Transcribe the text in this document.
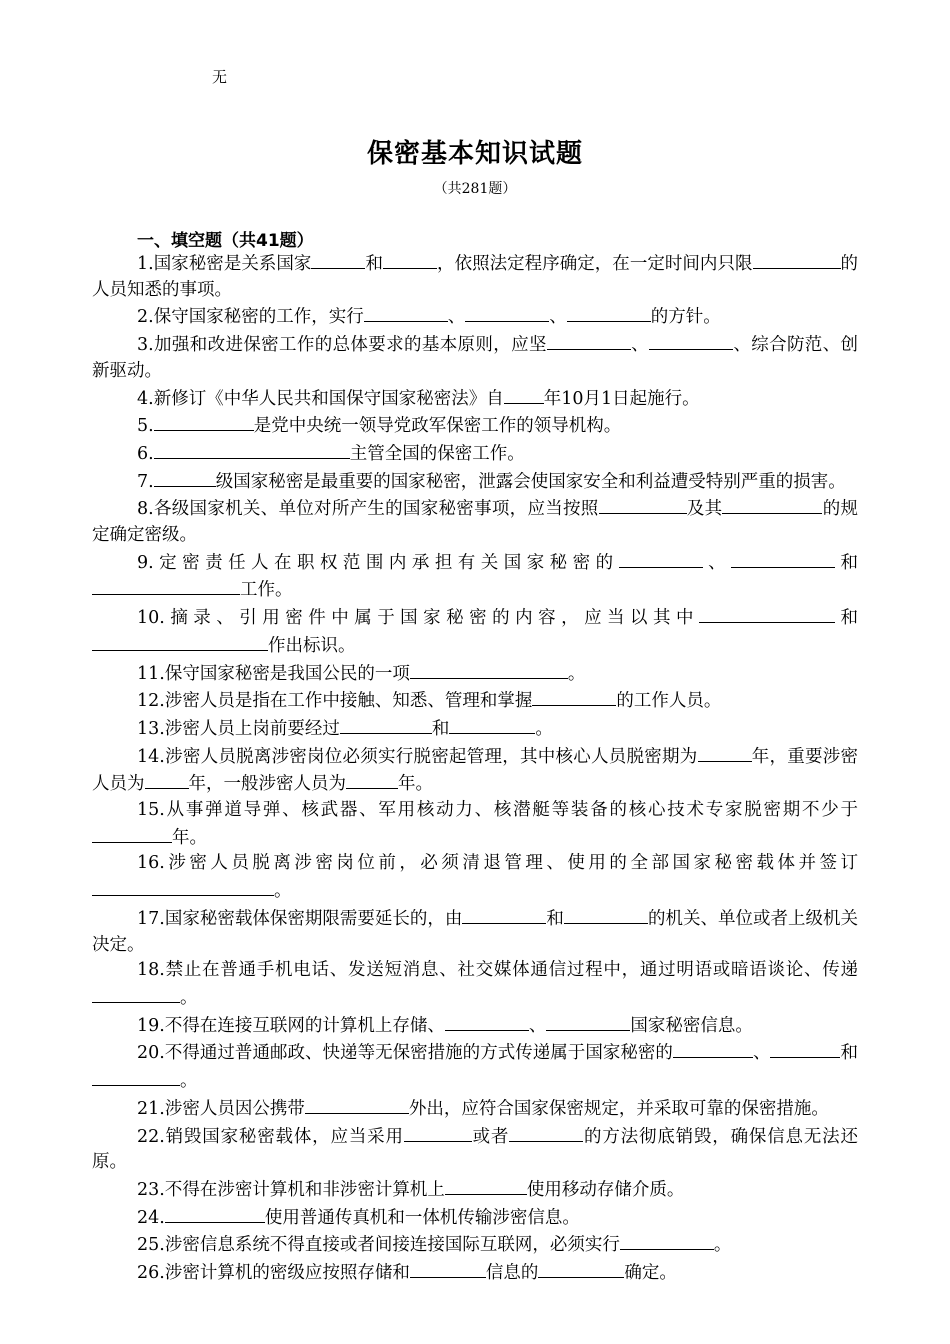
无
保密基本知识试题
（共281题）
一、填空题（共41题）
1.国家秘密是关系国家	和	，依照法定程序确定，在一定时间内只限	的人员知悉的事项。
2.保守国家秘密的工作，实行	、	、	的方针。
3.加强和改进保密工作的总体要求的基本原则，应坚	、	、综合防范、创新驱动。
4.新修订《中华人民共和国保守国家秘密法》自 年10月1日起施行。
5.	是党中央统一领导党政军保密工作的领导机构。
6.	主管全国的保密工作。
7.	级国家秘密是最重要的国家秘密，泄露会使国家安全和利益遭受特别严重的损害。
8.各级国家机关、单位对所产生的国家秘密事项，应当按照	及其	的规定确定密级。
9.定密责任人在职权范围内承担有关国家秘密的	、	和工作。
10.摘录、引用密件中属于国家秘密的内容，应当以其中	和作出标识。
11.保守国家秘密是我国公民的一项	。
12.涉密人员是指在工作中接触、知悉、管理和掌握	的工作人员。
13.涉密人员上岗前要经过	和	。
14.涉密人员脱离涉密岗位必须实行脱密起管理，其中核心人员脱密期为	年，重要涉密人员为	年，一般涉密人员为	年。
15.从事弹道导弹、核武器、军用核动力、核潜艇等装备的核心技术专家脱密期不少于年。
16.涉密人员脱离涉密岗位前，必须清退管理、使用的全部国家秘密载体并签订。
17.国家秘密载体保密期限需要延长的，由	和	的机关、单位或者上级机关决定。
18.禁止在普通手机电话、发送短消息、社交媒体通信过程中，通过明语或暗语谈论、传递。
19.不得在连接互联网的计算机上存储、	、	国家秘密信息。
20.不得通过普通邮政、快递等无保密措施的方式传递属于国家秘密的	、	和。
21.涉密人员因公携带	外出，应符合国家保密规定，并采取可靠的保密措施。
22.销毁国家秘密载体，应当采用	或者	的方法彻底销毁，确保信息无法还原。
23.不得在涉密计算机和非涉密计算机上	使用移动存储介质。
24.	使用普通传真机和一体机传输涉密信息。
25.涉密信息系统不得直接或者间接连接国际互联网，必须实行	。
26.涉密计算机的密级应按照存储和	信息的	确定。
